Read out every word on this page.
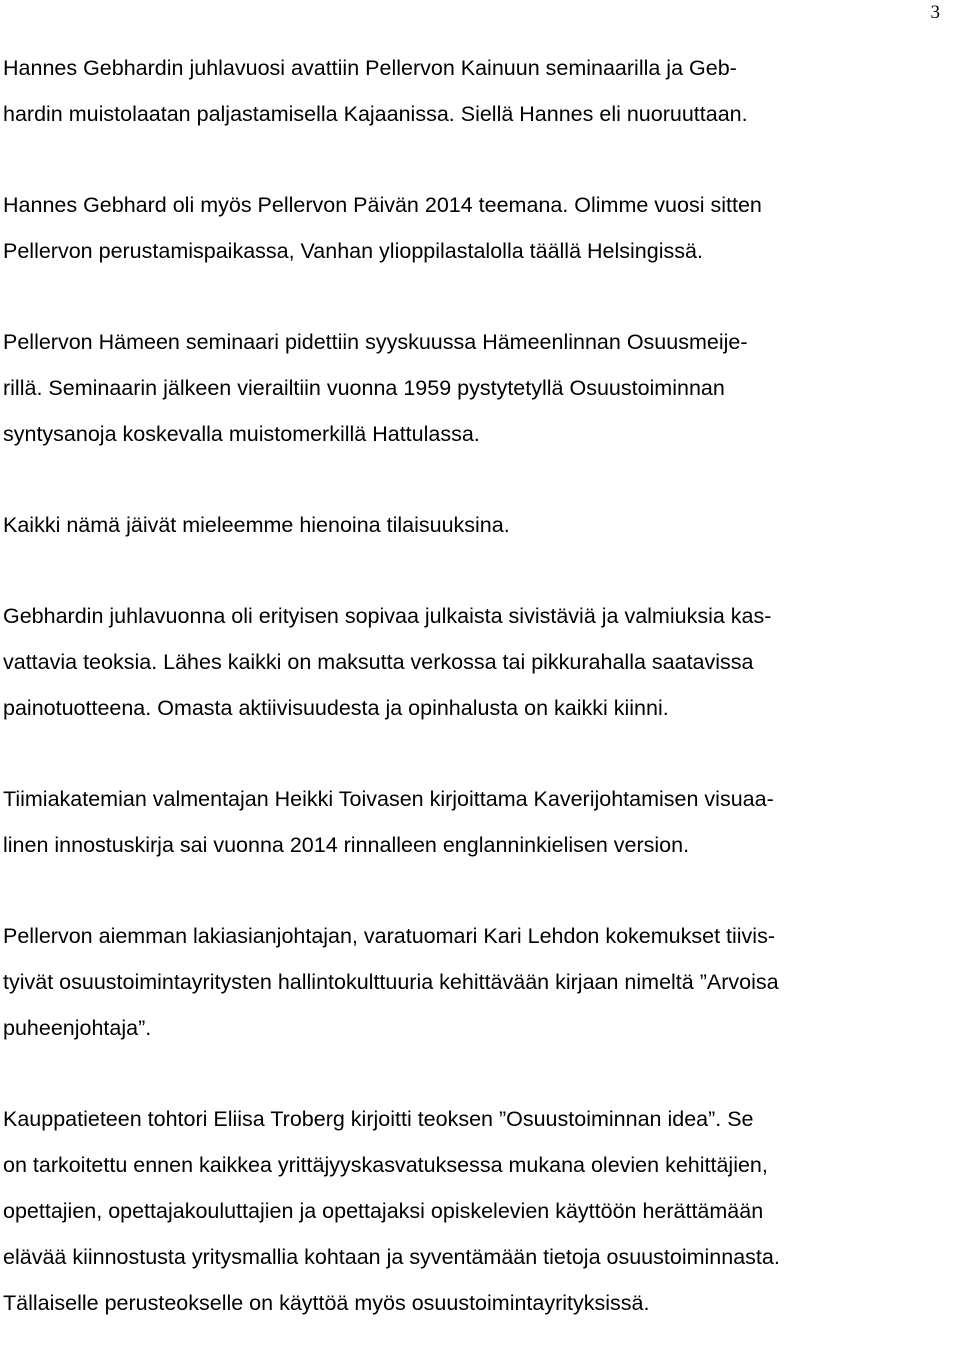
3

Hannes Gebhardin juhlavuosi avattiin Pellervon Kainuun seminaarilla ja Geb-
hardin muistolaatan paljastamisella Kajaanissa. Siellä Hannes eli nuoruuttaan.

Hannes Gebhard oli myös Pellervon Päivän 2014 teemana. Olimme vuosi sitten
Pellervon perustamispaikassa, Vanhan ylioppilastalolla täällä Helsingissä.

Pellervon Hämeen seminaari pidettiin syyskuussa Hämeenlinnan Osuusmeije-
rillä. Seminaarin jälkeen vierailtiin vuonna 1959 pystytetyllä Osuustoiminnan
syntysanoja koskevalla muistomerkillä Hattulassa.

Kaikki nämä jäivät mieleemme hienoina tilaisuuksina.

Gebhardin juhlavuonna oli erityisen sopivaa julkaista sivistäviä ja valmiuksia kas-
vattavia teoksia. Lähes kaikki on maksutta verkossa tai pikkurahalla saatavissa
painotuotteena. Omasta aktiivisuudesta ja opinhalusta on kaikki kiinni.

Tiimiakatemian valmentajan Heikki Toivasen kirjoittama Kaverijohtamisen visuaa-
linen innostuskirja sai vuonna 2014 rinnalleen englanninkielisen version.

Pellervon aiemman lakiasianjohtajan, varatuomari Kari Lehdon kokemukset tiivis-
tyivät osuustoimintayritysten hallintokulttuuria kehittävään kirjaan nimeltä ”Arvoisa
puheenjohtaja”.

Kauppatieteen tohtori Eliisa Troberg kirjoitti teoksen ”Osuustoiminnan idea”. Se
on tarkoitettu ennen kaikkea yrittäjyyskasvatuksessa mukana olevien kehittäjien,
opettajien, opettajakouluttajien ja opettajaksi opiskelevien käyttöön herättämään
elävää kiinnostusta yritysmallia kohtaan ja syventämään tietoja osuustoiminnasta.
Tällaiselle perusteokselle on käyttöä myös osuustoimintayrityksissä.
